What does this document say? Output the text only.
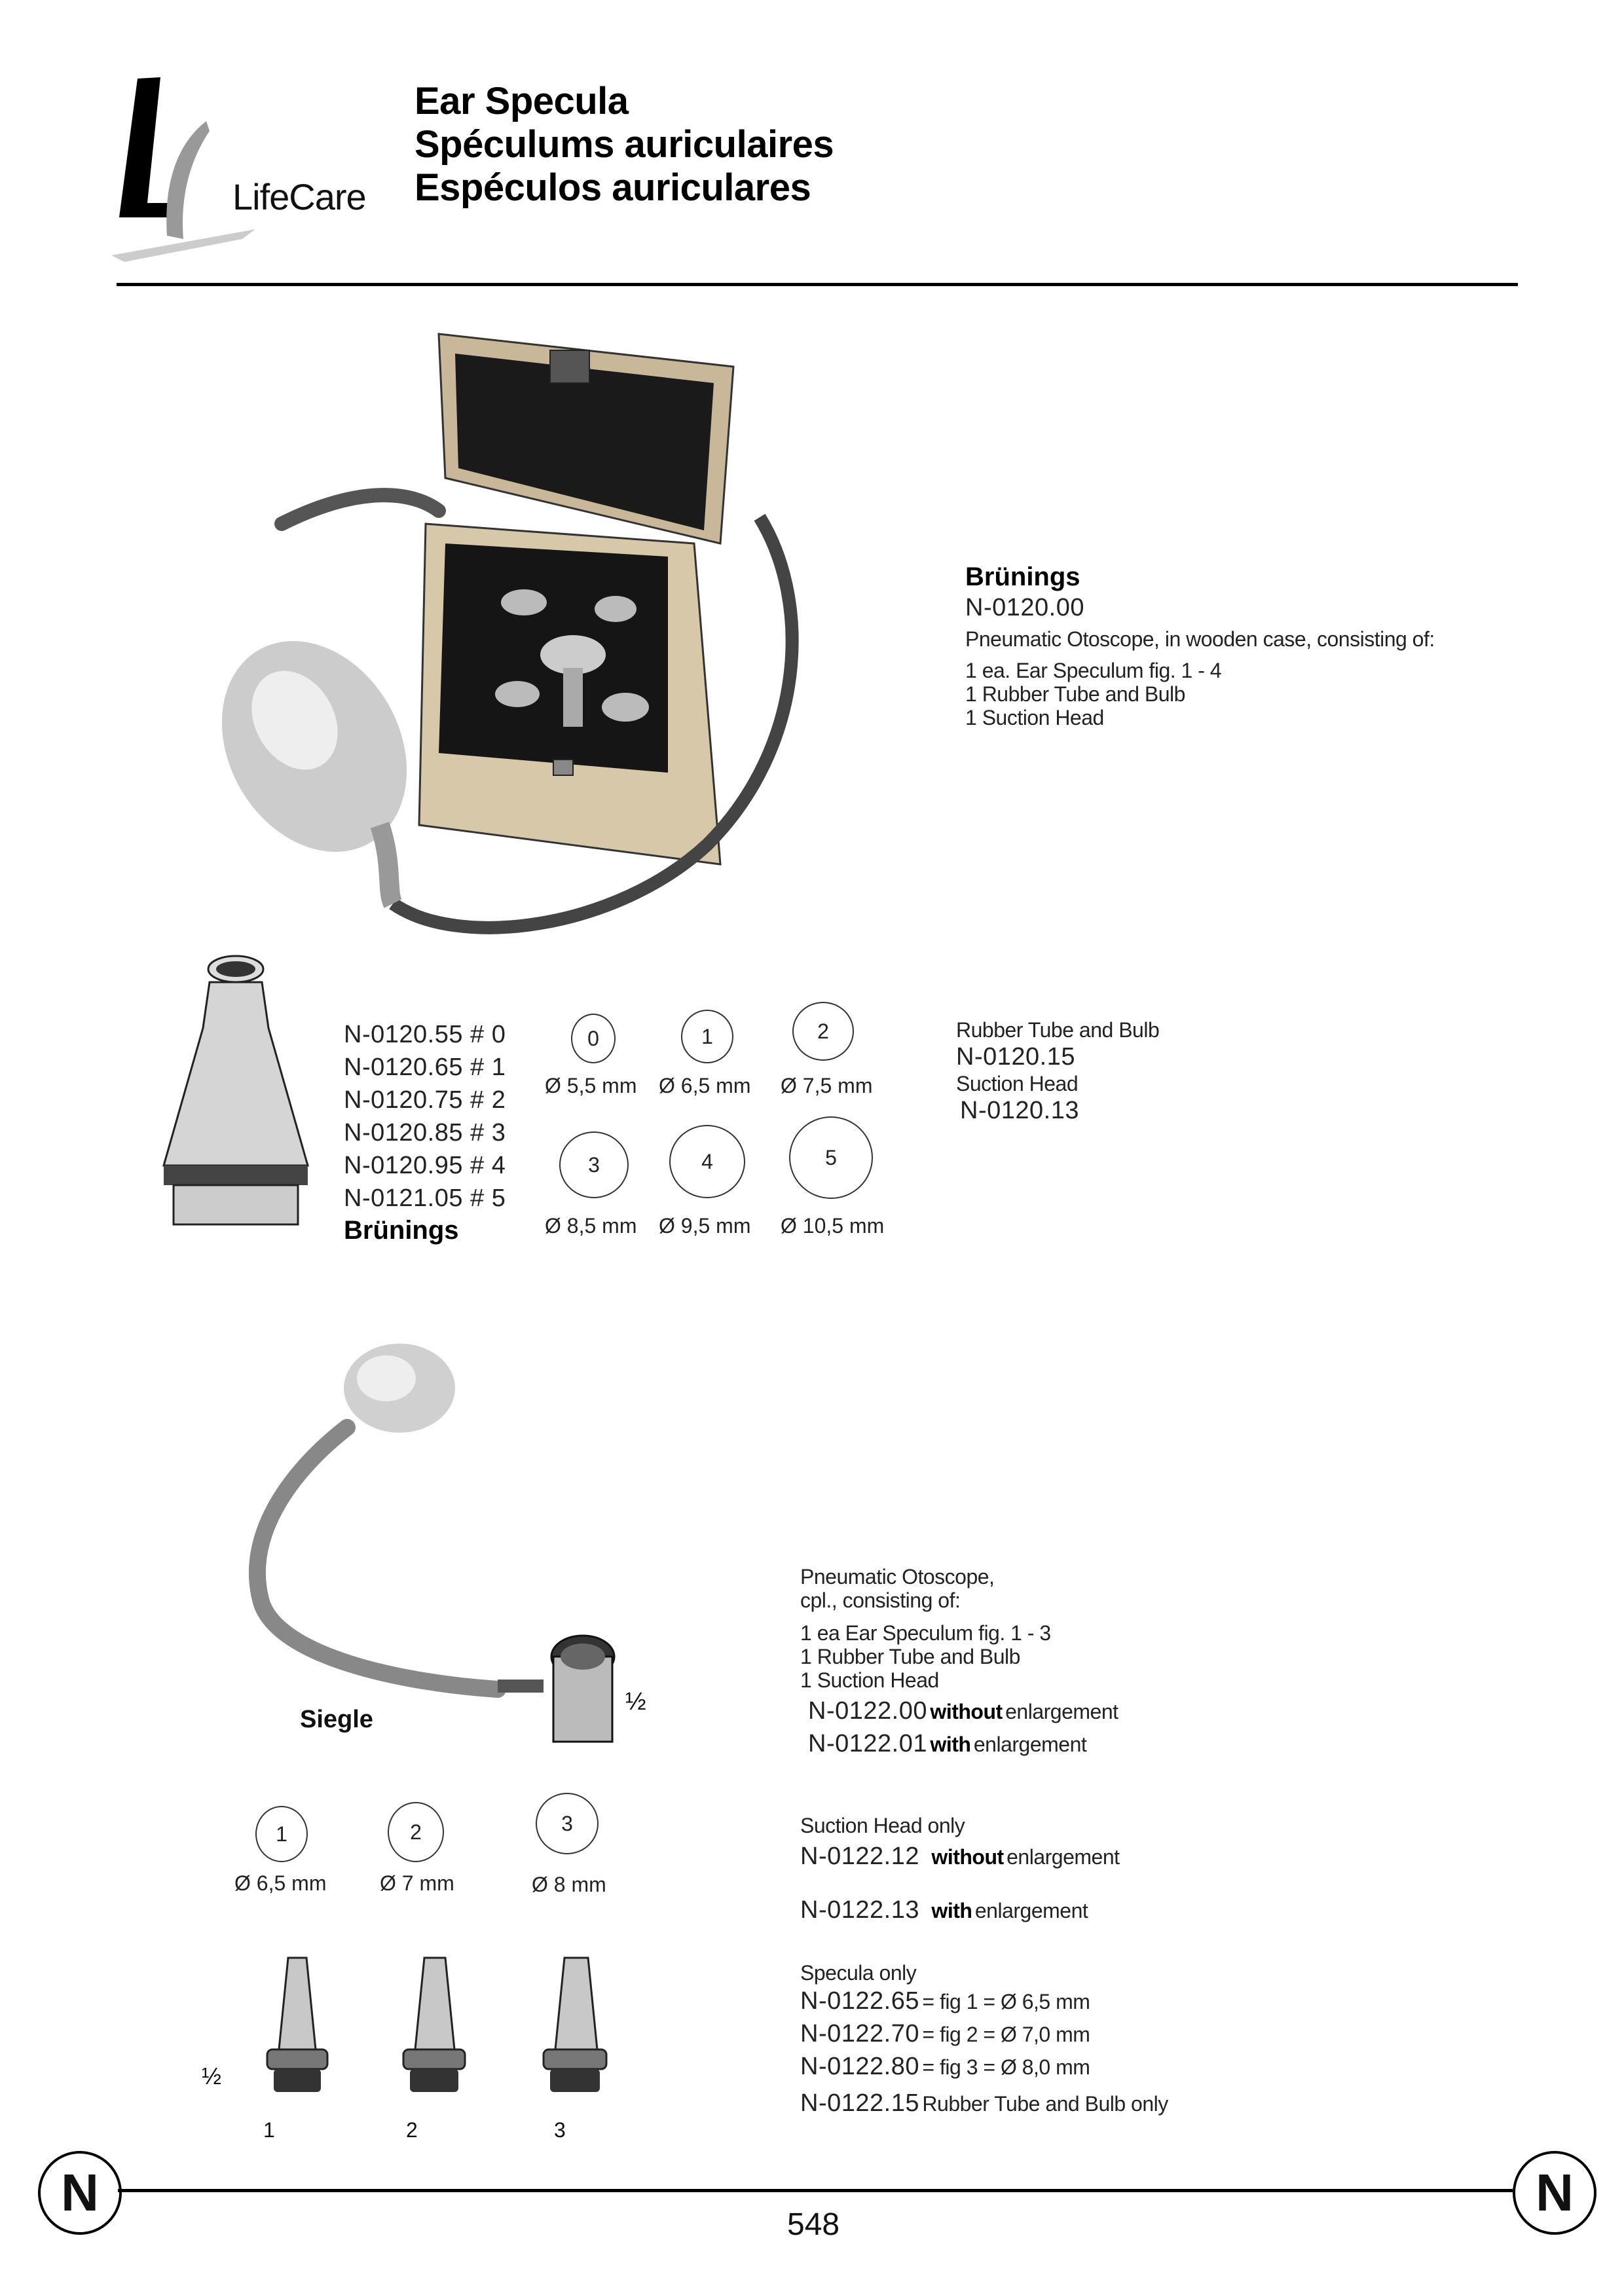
LifeCare
Ear Specula
Spéculums auriculaires
Espéculos auriculares
Brünings
N-0120.00
Pneumatic Otoscope, in wooden case, consisting of:
1 ea. Ear Speculum fig. 1 - 4
1 Rubber Tube and Bulb
1 Suction Head
N-0120.55 # 0
N-0120.65 # 1
N-0120.75 # 2
N-0120.85 # 3
N-0120.95 # 4
N-0121.05 # 5
Brünings
0	1	2
Ø 5,5 mm Ø 6,5 mm Ø 7,5 mm
3	4	5
Ø 8,5 mm Ø 9,5 mm Ø 10,5 mm
Rubber Tube and Bulb
N-0120.15
Suction Head
N-0120.13
Siegle
½
Pneumatic Otoscope,
cpl., consisting of:
1 ea Ear Speculum fig. 1 - 3
1 Rubber Tube and Bulb
1 Suction Head
N-0122.00 without enlargement
N-0122.01 with enlargement
Suction Head only
N-0122.12 without enlargement
N-0122.13 with enlargement
Specula only
N-0122.65 = fig 1 = Ø 6,5 mm
N-0122.70 = fig 2 = Ø 7,0 mm
N-0122.80 = fig 3 = Ø 8,0 mm
N-0122.15 Rubber Tube and Bulb only
1	2	3
Ø 6,5 mm	Ø 7 mm	Ø 8 mm
½
1	2	3
N	N
548
